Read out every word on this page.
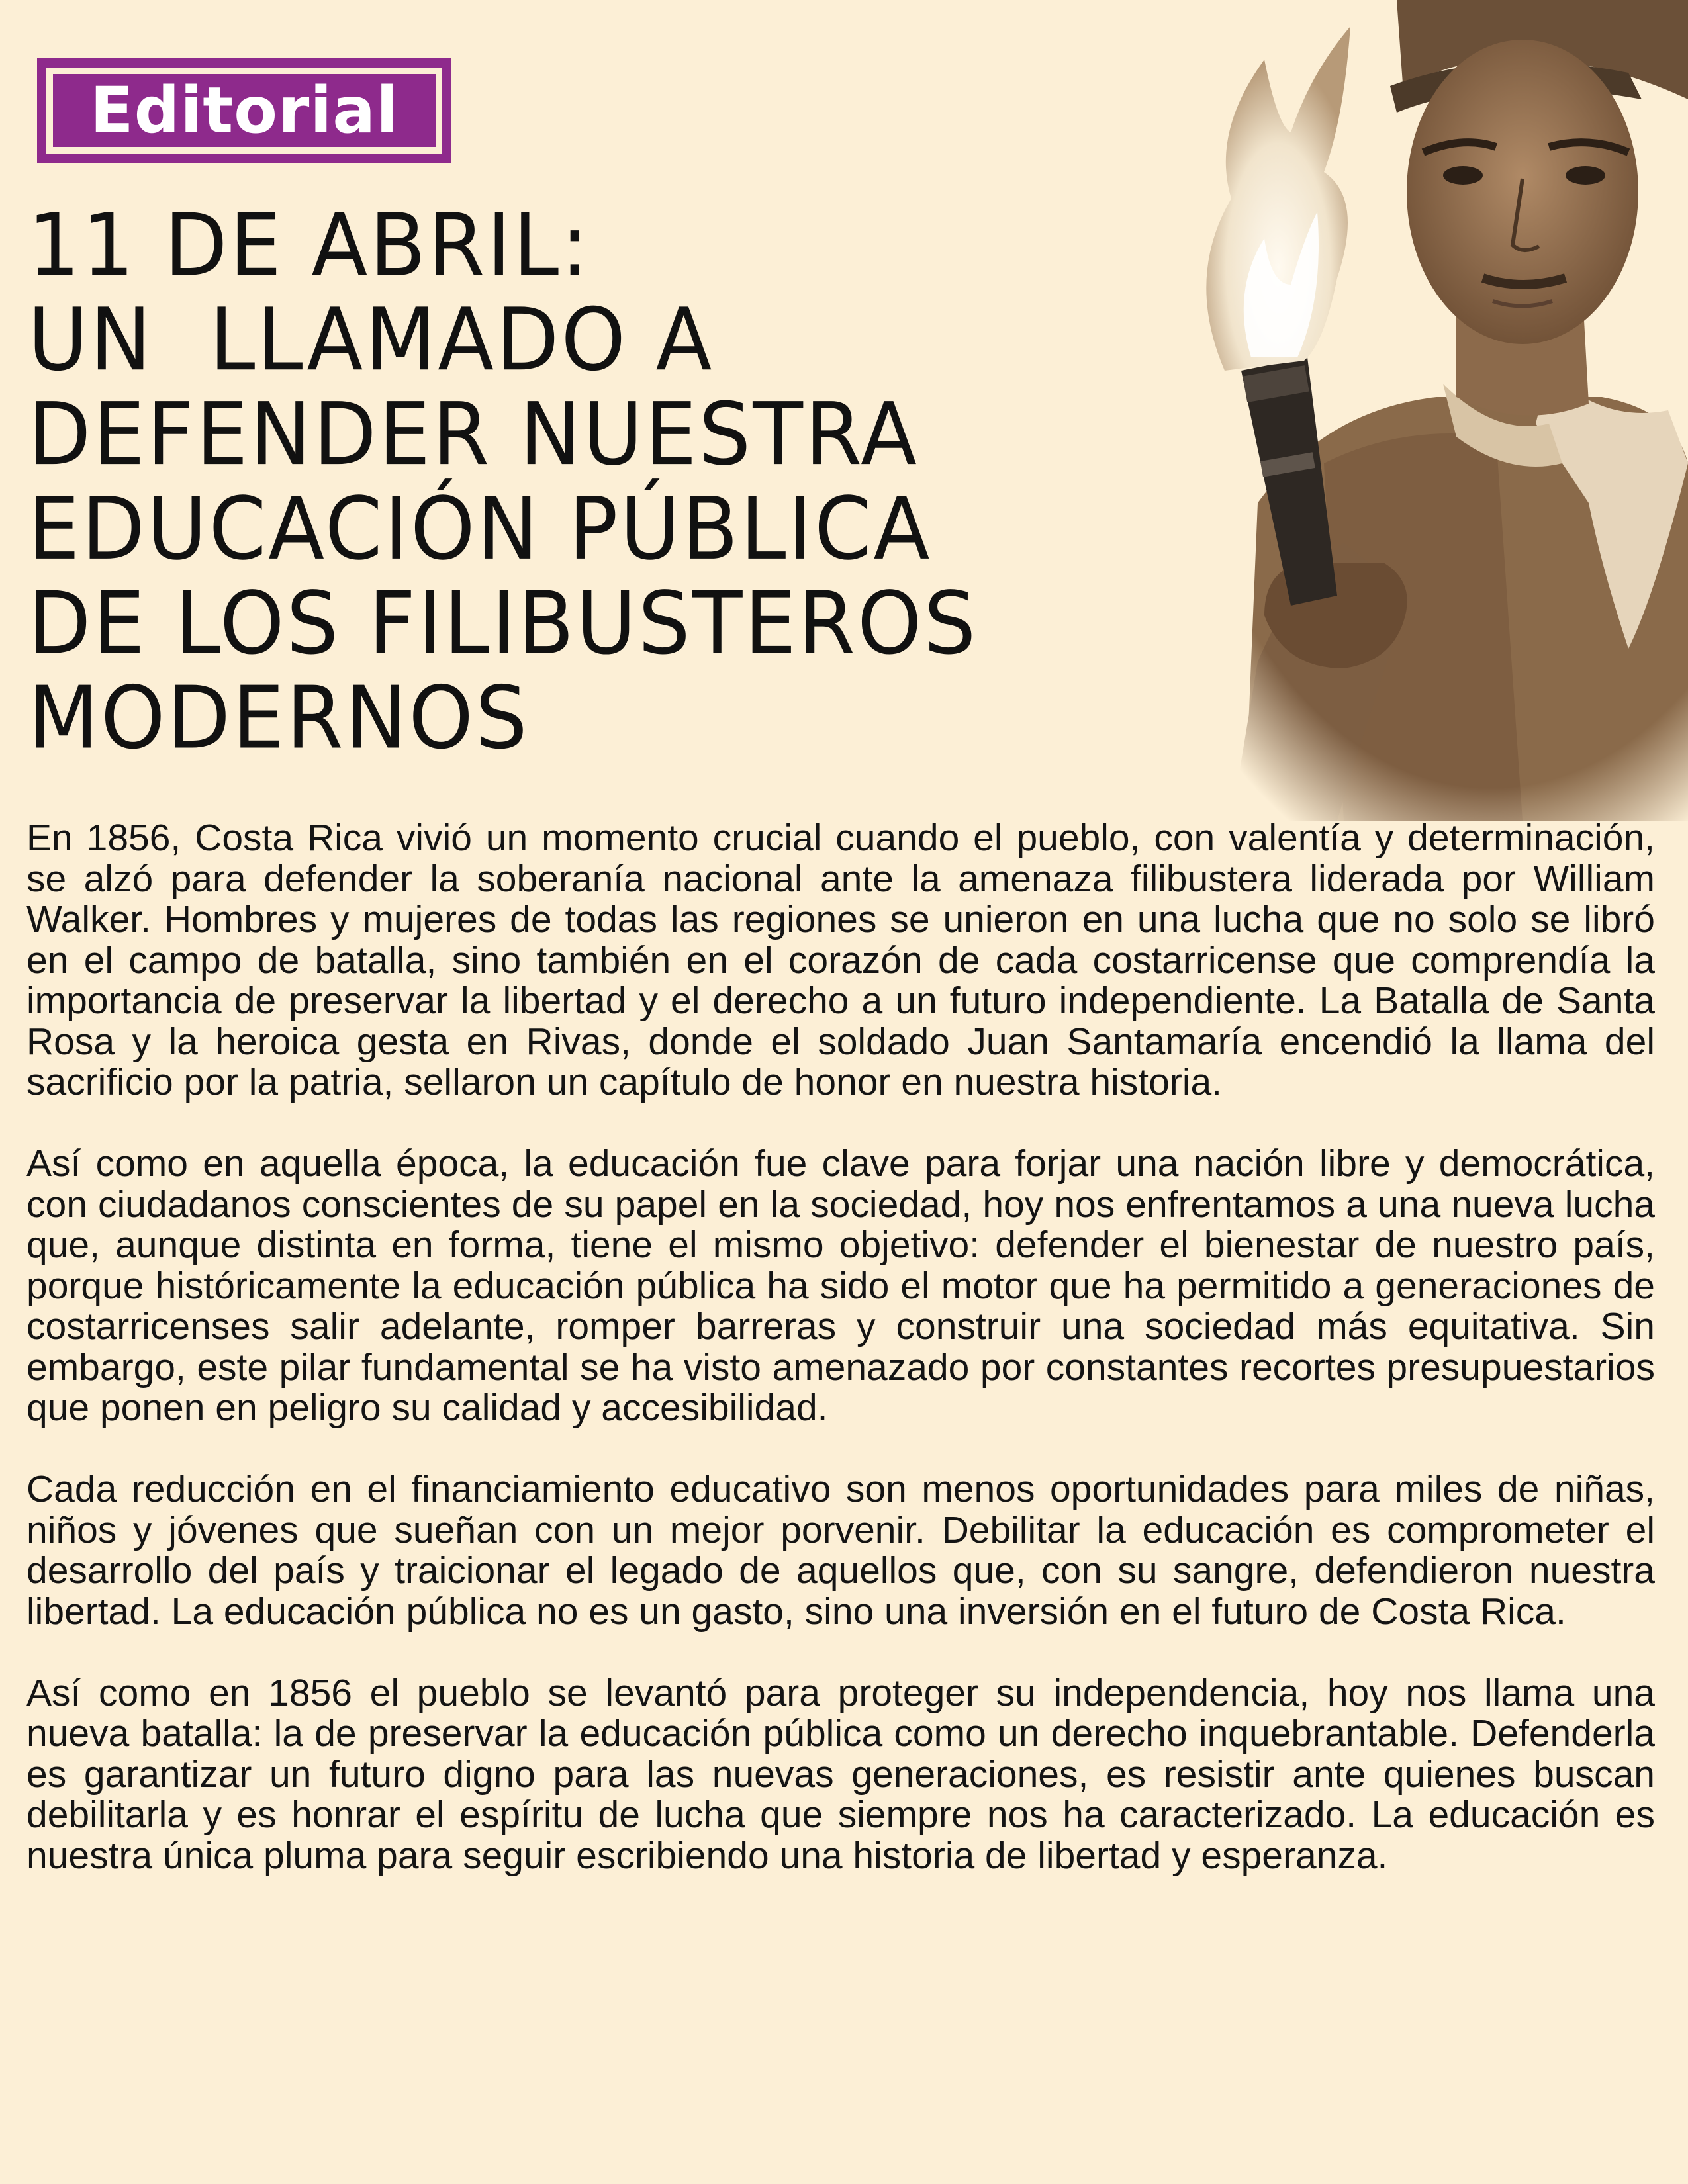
Editorial
11 DE ABRIL:
UN  LLAMADO A
DEFENDER NUESTRA
EDUCACIÓN PÚBLICA
DE LOS FILIBUSTEROS
MODERNOS

En 1856, Costa Rica vivió un momento crucial cuando el pueblo, con valentía y determinación, se alzó para defender la soberanía nacional ante la amenaza filibustera liderada por William Walker. Hombres y mujeres de todas las regiones se unieron en una lucha que no solo se libró en el campo de batalla, sino también en el corazón de cada costarricense que comprendía la importancia de preservar la libertad y el derecho a un futuro independiente. La Batalla de Santa Rosa y la heroica gesta en Rivas, donde el soldado Juan Santamaría encendió la llama del sacrificio por la patria, sellaron un capítulo de honor en nuestra historia.

Así como en aquella época, la educación fue clave para forjar una nación libre y democrática, con ciudadanos conscientes de su papel en la sociedad, hoy nos enfrentamos a una nueva lucha que, aunque distinta en forma, tiene el mismo objetivo: defender el bienestar de nuestro país, porque históricamente la educación pública ha sido el motor que ha permitido a generaciones de costarricenses salir adelante, romper barreras y construir una sociedad más equitativa. Sin embargo, este pilar fundamental se ha visto amenazado por constantes recortes presupuestarios que ponen en peligro su calidad y accesibilidad.

Cada reducción en el financiamiento educativo son menos oportunidades para miles de niñas, niños y jóvenes que sueñan con un mejor porvenir. Debilitar la educación es comprometer el desarrollo del país y traicionar el legado de aquellos que, con su sangre, defendieron nuestra libertad. La educación pública no es un gasto, sino una inversión en el futuro de Costa Rica.

Así como en 1856 el pueblo se levantó para proteger su independencia, hoy nos llama una nueva batalla: la de preservar la educación pública como un derecho inquebrantable. Defenderla es garantizar un futuro digno para las nuevas generaciones, es resistir ante quienes buscan debilitarla y es honrar el espíritu de lucha que siempre nos ha caracterizado. La educación es nuestra única pluma para seguir escribiendo una historia de libertad y esperanza.
